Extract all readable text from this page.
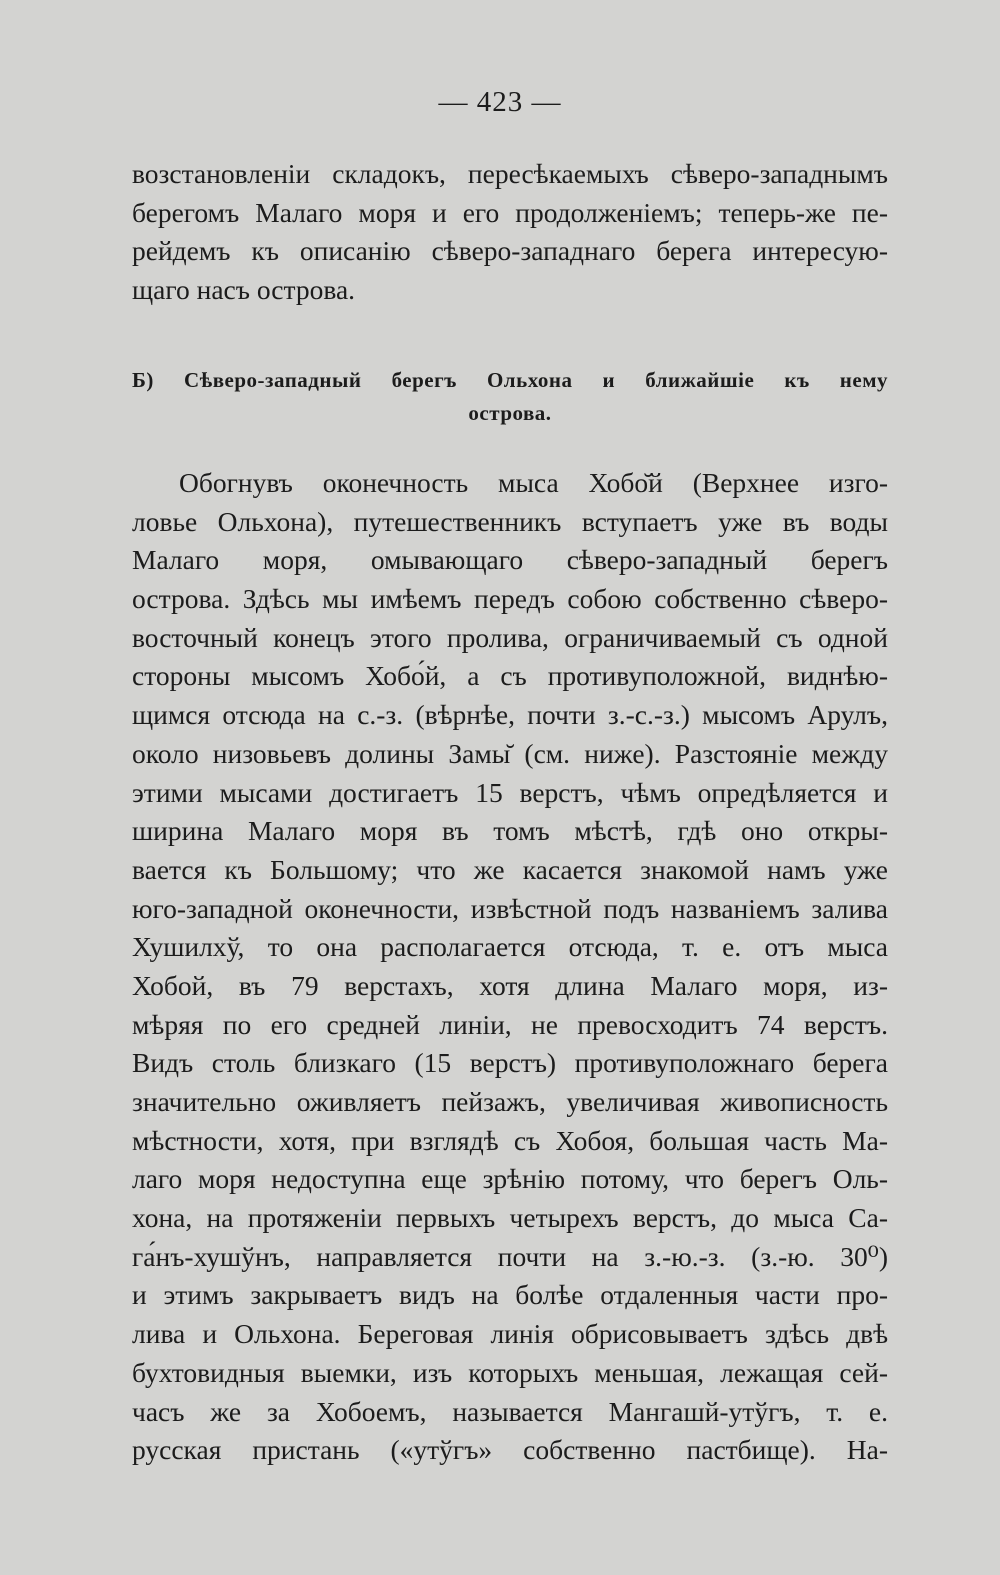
— 423 —
возстановленіи складокъ, пересѣкаемыхъ сѣверо-западнымъ
берегомъ Малаго моря и его продолженіемъ; теперь-же пе-
рейдемъ къ описанію сѣверо-западнаго берега интересую-
щаго насъ острова.
Б) Сѣверо-западный берегъ Ольхона и ближайшіе къ нему
острова.
Обогнувъ оконечность мыса Хобо̆й (Верхнее изго-
ловье Ольхона), путешественникъ вступаетъ уже въ воды
Малаго моря, омывающаго сѣверо-западный берегъ
острова. Здѣсь мы имѣемъ передъ собою собственно сѣверо-
восточный конецъ этого пролива, ограничиваемый съ одной
стороны мысомъ Хобо́й, а съ противуположной, виднѣю-
щимся отсюда на с.-з. (вѣрнѣе, почти з.-с.-з.) мысомъ Арулъ,
около низовьевъ долины Замы̆ (см. ниже). Разстояніе между
этими мысами достигаетъ 15 верстъ, чѣмъ опредѣляется и
ширина Малаго моря въ томъ мѣстѣ, гдѣ оно откры-
вается къ Большому; что же касается знакомой намъ уже
юго-западной оконечности, извѣстной подъ названіемъ залива
Хушилхў, то она располагается отсюда, т. е. отъ мыса
Хобой, въ 79 верстахъ, хотя длина Малаго моря, из-
мѣряя по его средней линіи, не превосходитъ 74 верстъ.
Видъ столь близкаго (15 верстъ) противуположнаго берега
значительно оживляетъ пейзажъ, увеличивая живописность
мѣстности, хотя, при взглядѣ съ Хобоя, большая часть Ма-
лаго моря недоступна еще зрѣнію потому, что берегъ Оль-
хона, на протяженіи первыхъ четырехъ верстъ, до мыса Са-
га́нъ-хушўнъ, направляется почти на з.-ю.-з. (з.-ю. 30⁰)
и этимъ закрываетъ видъ на болѣе отдаленныя части про-
лива и Ольхона. Береговая линія обрисовываетъ здѣсь двѣ
бухтовидныя выемки, изъ которыхъ меньшая, лежащая сей-
часъ же за Хобоемъ, называется Мангашй-утўгъ, т. е.
русская пристань («утўгъ» собственно пастбище). На-
